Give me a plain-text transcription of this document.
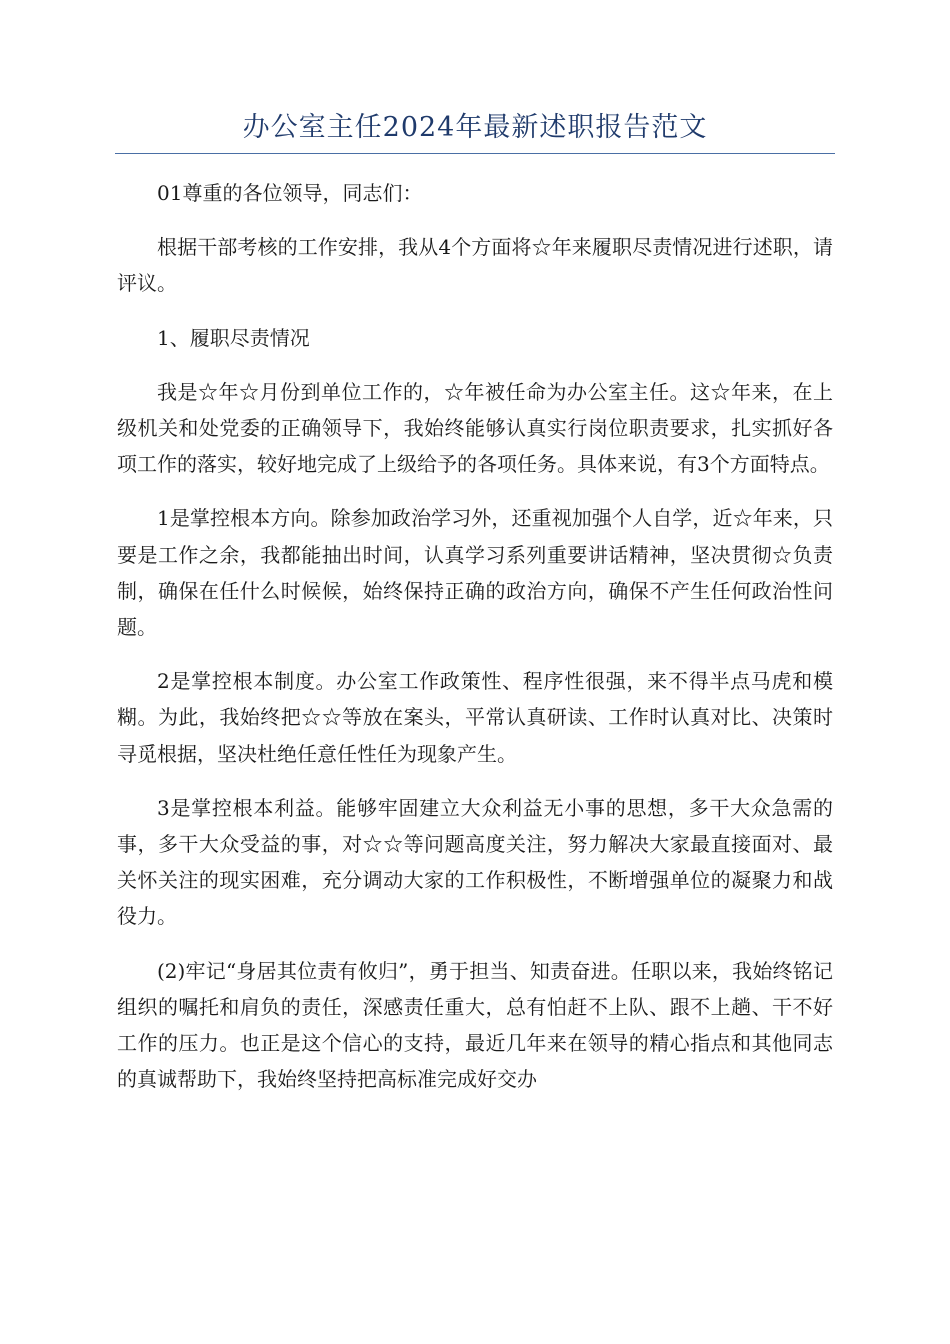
办公室主任2024年最新述职报告范文

01尊重的各位领导，同志们：

根据干部考核的工作安排，我从4个方面将☆年来履职尽责情况进行述职，请评议。

1、履职尽责情况

我是☆年☆月份到单位工作的，☆年被任命为办公室主任。这☆年来，在上级机关和处党委的正确领导下，我始终能够认真实行岗位职责要求，扎实抓好各项工作的落实，较好地完成了上级给予的各项任务。具体来说，有3个方面特点。

1是掌控根本方向。除参加政治学习外，还重视加强个人自学，近☆年来，只要是工作之余，我都能抽出时间，认真学习系列重要讲话精神，坚决贯彻☆负责制，确保在任什么时候候，始终保持正确的政治方向，确保不产生任何政治性问题。

2是掌控根本制度。办公室工作政策性、程序性很强，来不得半点马虎和模糊。为此，我始终把☆☆等放在案头，平常认真研读、工作时认真对比、决策时寻觅根据，坚决杜绝任意任性任为现象产生。

3是掌控根本利益。能够牢固建立大众利益无小事的思想，多干大众急需的事，多干大众受益的事，对☆☆等问题高度关注，努力解决大家最直接面对、最关怀关注的现实困难，充分调动大家的工作积极性，不断增强单位的凝聚力和战役力。

(2)牢记“身居其位责有攸归”，勇于担当、知责奋进。任职以来，我始终铭记组织的嘱托和肩负的责任，深感责任重大，总有怕赶不上队、跟不上趟、干不好工作的压力。也正是这个信心的支持，最近几年来在领导的精心指点和其他同志的真诚帮助下，我始终坚持把高标准完成好交办
